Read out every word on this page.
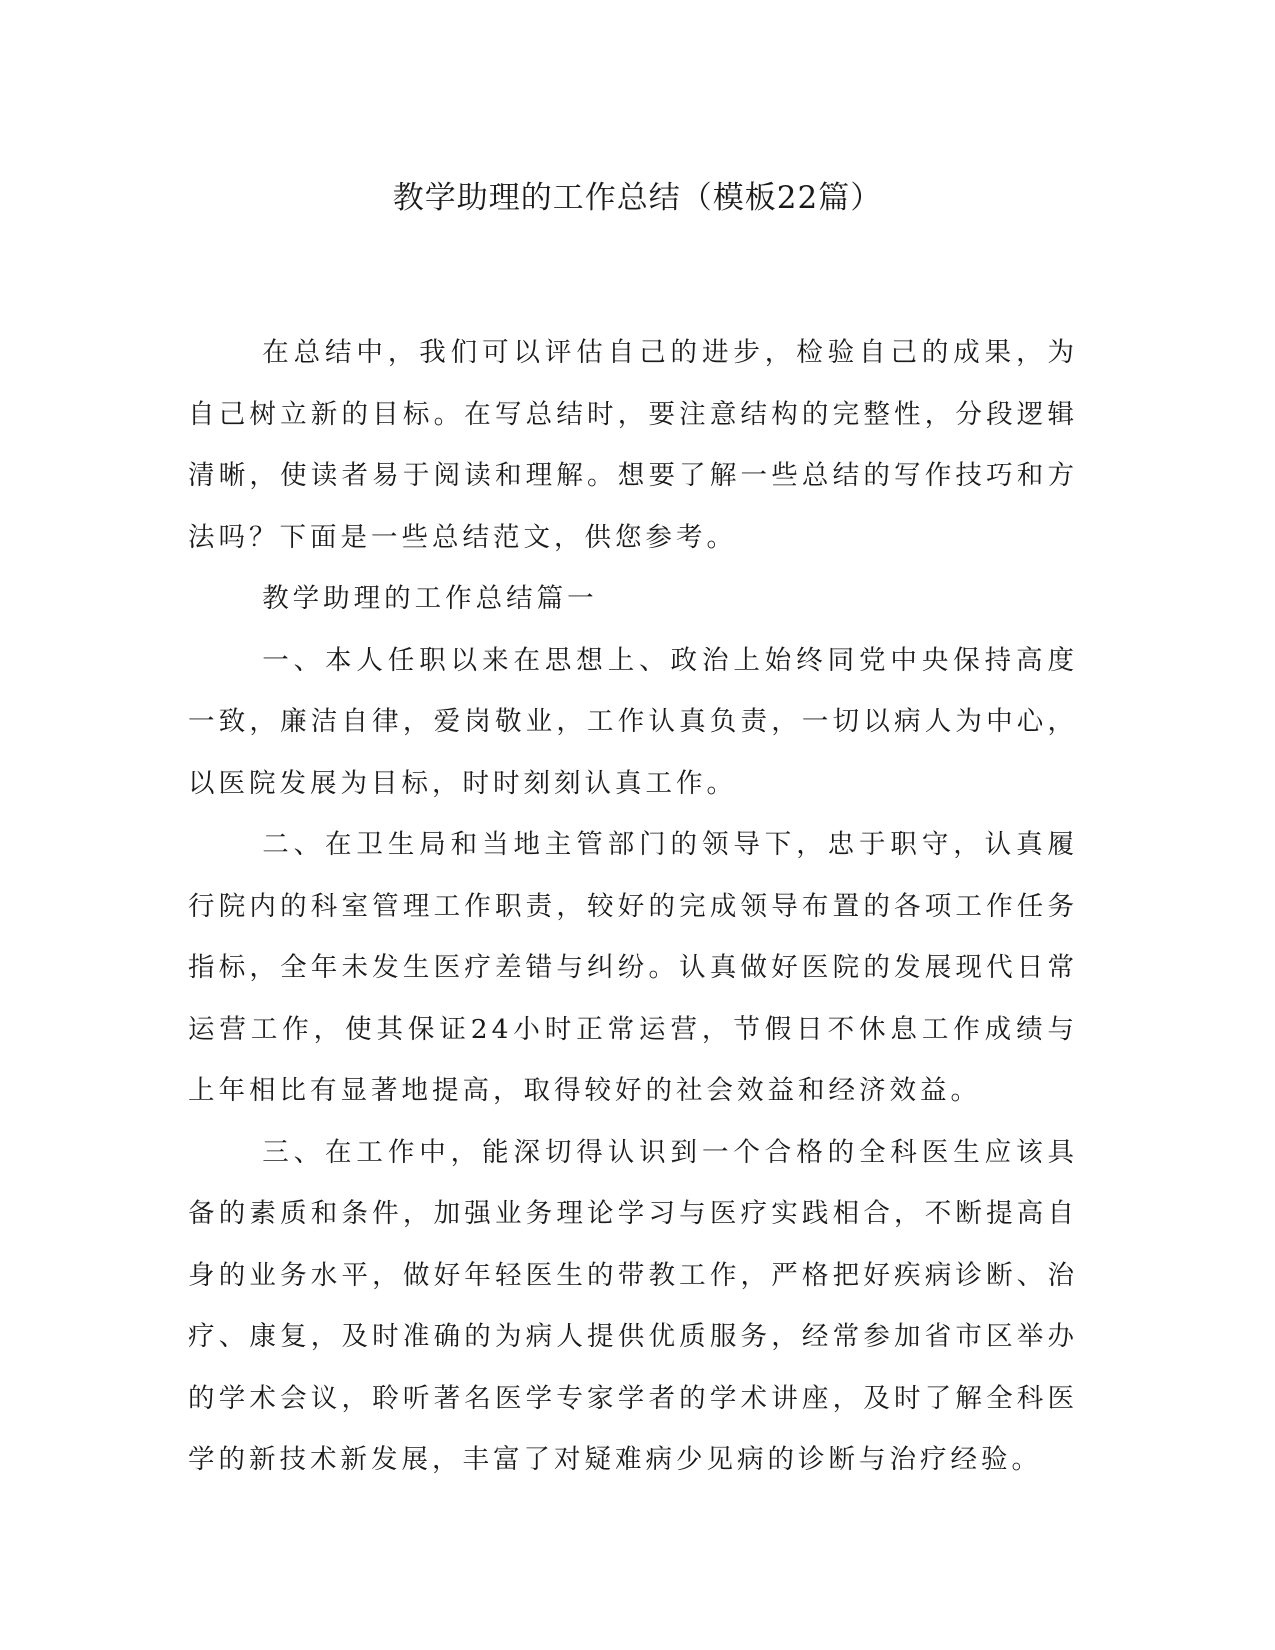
教学助理的工作总结（模板22篇）

在总结中，我们可以评估自己的进步，检验自己的成果，为自己树立新的目标。在写总结时，要注意结构的完整性，分段逻辑清晰，使读者易于阅读和理解。想要了解一些总结的写作技巧和方法吗？下面是一些总结范文，供您参考。

教学助理的工作总结篇一

一、本人任职以来在思想上、政治上始终同党中央保持高度一致，廉洁自律，爱岗敬业，工作认真负责，一切以病人为中心，以医院发展为目标，时时刻刻认真工作。

二、在卫生局和当地主管部门的领导下，忠于职守，认真履行院内的科室管理工作职责，较好的完成领导布置的各项工作任务指标，全年未发生医疗差错与纠纷。认真做好医院的发展现代日常运营工作，使其保证24小时正常运营，节假日不休息工作成绩与上年相比有显著地提高，取得较好的社会效益和经济效益。

三、在工作中，能深切得认识到一个合格的全科医生应该具备的素质和条件，加强业务理论学习与医疗实践相合，不断提高自身的业务水平，做好年轻医生的带教工作，严格把好疾病诊断、治疗、康复，及时准确的为病人提供优质服务，经常参加省市区举办的学术会议，聆听著名医学专家学者的学术讲座，及时了解全科医学的新技术新发展，丰富了对疑难病少见病的诊断与治疗经验。
